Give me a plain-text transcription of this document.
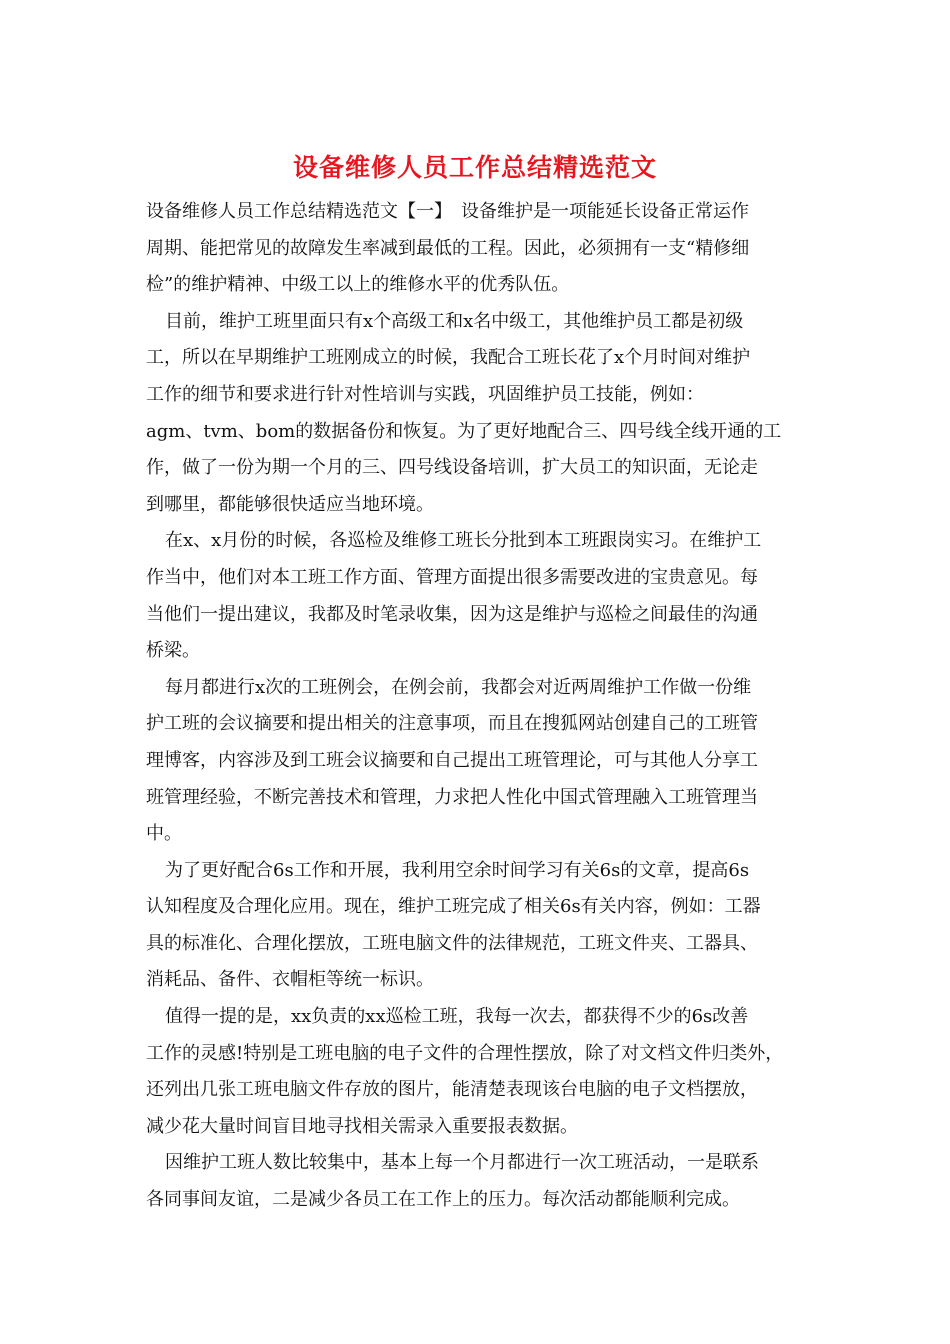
设备维修人员工作总结精选范文
设备维修人员工作总结精选范文【一】　设备维护是一项能延长设备正常运作
周期、能把常见的故障发生率减到最低的工程。因此，必须拥有一支“精修细
检”的维护精神、中级工以上的维修水平的优秀队伍。
目前，维护工班里面只有x个高级工和x名中级工，其他维护员工都是初级
工，所以在早期维护工班刚成立的时候，我配合工班长花了x个月时间对维护
工作的细节和要求进行针对性培训与实践，巩固维护员工技能，例如：
agm、tvm、bom的数据备份和恢复。为了更好地配合三、四号线全线开通的工
作，做了一份为期一个月的三、四号线设备培训，扩大员工的知识面，无论走
到哪里，都能够很快适应当地环境。
在x、x月份的时候，各巡检及维修工班长分批到本工班跟岗实习。在维护工
作当中，他们对本工班工作方面、管理方面提出很多需要改进的宝贵意见。每
当他们一提出建议，我都及时笔录收集，因为这是维护与巡检之间最佳的沟通
桥梁。
每月都进行x次的工班例会，在例会前，我都会对近两周维护工作做一份维
护工班的会议摘要和提出相关的注意事项，而且在搜狐网站创建自己的工班管
理博客，内容涉及到工班会议摘要和自己提出工班管理论，可与其他人分享工
班管理经验，不断完善技术和管理，力求把人性化中国式管理融入工班管理当
中。
为了更好配合6s工作和开展，我利用空余时间学习有关6s的文章，提高6s
认知程度及合理化应用。现在，维护工班完成了相关6s有关内容，例如：工器
具的标准化、合理化摆放，工班电脑文件的法律规范，工班文件夹、工器具、
消耗品、备件、衣帽柜等统一标识。
值得一提的是，xx负责的xx巡检工班，我每一次去，都获得不少的6s改善
工作的灵感!特别是工班电脑的电子文件的合理性摆放，除了对文档文件归类外，
还列出几张工班电脑文件存放的图片，能清楚表现该台电脑的电子文档摆放，
减少花大量时间盲目地寻找相关需录入重要报表数据。
因维护工班人数比较集中，基本上每一个月都进行一次工班活动，一是联系
各同事间友谊，二是减少各员工在工作上的压力。每次活动都能顺利完成。
